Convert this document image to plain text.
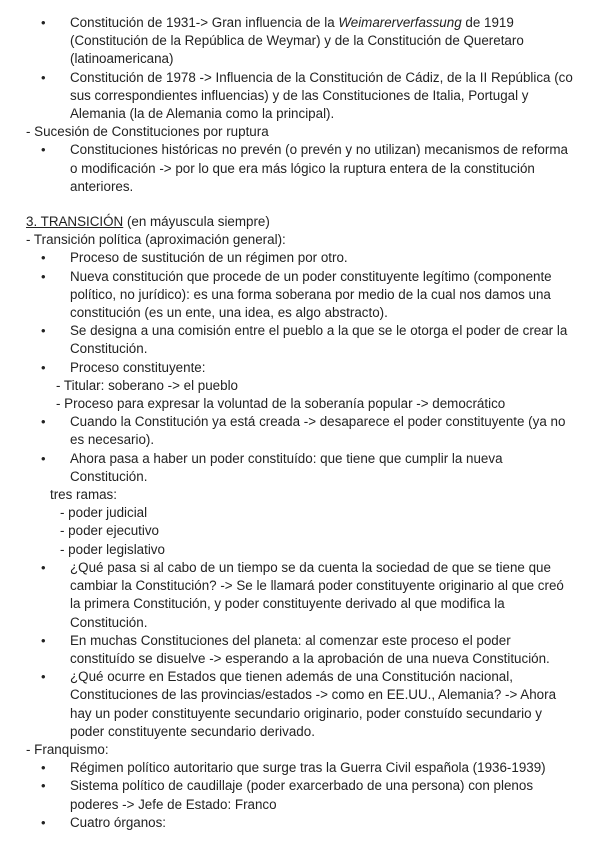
• Constitución de 1931-> Gran influencia de la Weimarerverfassung de 1919 (Constitución de la República de Weymar) y de la Constitución de Queretaro (latinoamericana)
• Constitución de 1978 -> Influencia de la Constitución de Cádiz, de la II República (co sus correspondientes influencias) y de las Constituciones de Italia, Portugal y Alemania (la de Alemania como la principal).
- Sucesión de Constituciones por ruptura
• Constituciones históricas no prevén (o prevén y no utilizan) mecanismos de reforma o modificación -> por lo que era más lógico la ruptura entera de la constitución anteriores.
3. TRANSICIÓN (en máyuscula siempre)
- Transición política (aproximación general):
• Proceso de sustitución de un régimen por otro.
• Nueva constitución que procede de un poder constituyente legítimo (componente político, no jurídico): es una forma soberana por medio de la cual nos damos una constitución (es un ente, una idea, es algo abstracto).
• Se designa a una comisión entre el pueblo a la que se le otorga el poder de crear la Constitución.
• Proceso constituyente:
- Titular: soberano -> el pueblo
- Proceso para expresar la voluntad de la soberanía popular -> democrático
• Cuando la Constitución ya está creada -> desaparece el poder constituyente (ya no es necesario).
• Ahora pasa a haber un poder constituído: que tiene que cumplir la nueva Constitución.
tres ramas:
- poder judicial
- poder ejecutivo
- poder legislativo
• ¿Qué pasa si al cabo de un tiempo se da cuenta la sociedad de que se tiene que cambiar la Constitución? -> Se le llamará poder constituyente originario al que creó la primera Constitución, y poder constituyente derivado al que modifica la Constitución.
• En muchas Constituciones del planeta: al comenzar este proceso el poder constituído se disuelve -> esperando a la aprobación de una nueva Constitución.
• ¿Qué ocurre en Estados que tienen además de una Constitución nacional, Constituciones de las provincias/estados -> como en EE.UU., Alemania? -> Ahora hay un poder constituyente secundario originario, poder constuído secundario y poder constituyente secundario derivado.
- Franquismo:
• Régimen político autoritario que surge tras la Guerra Civil española (1936-1939)
• Sistema político de caudillaje (poder exarcerbado de una persona) con plenos poderes -> Jefe de Estado: Franco
• Cuatro órganos:
